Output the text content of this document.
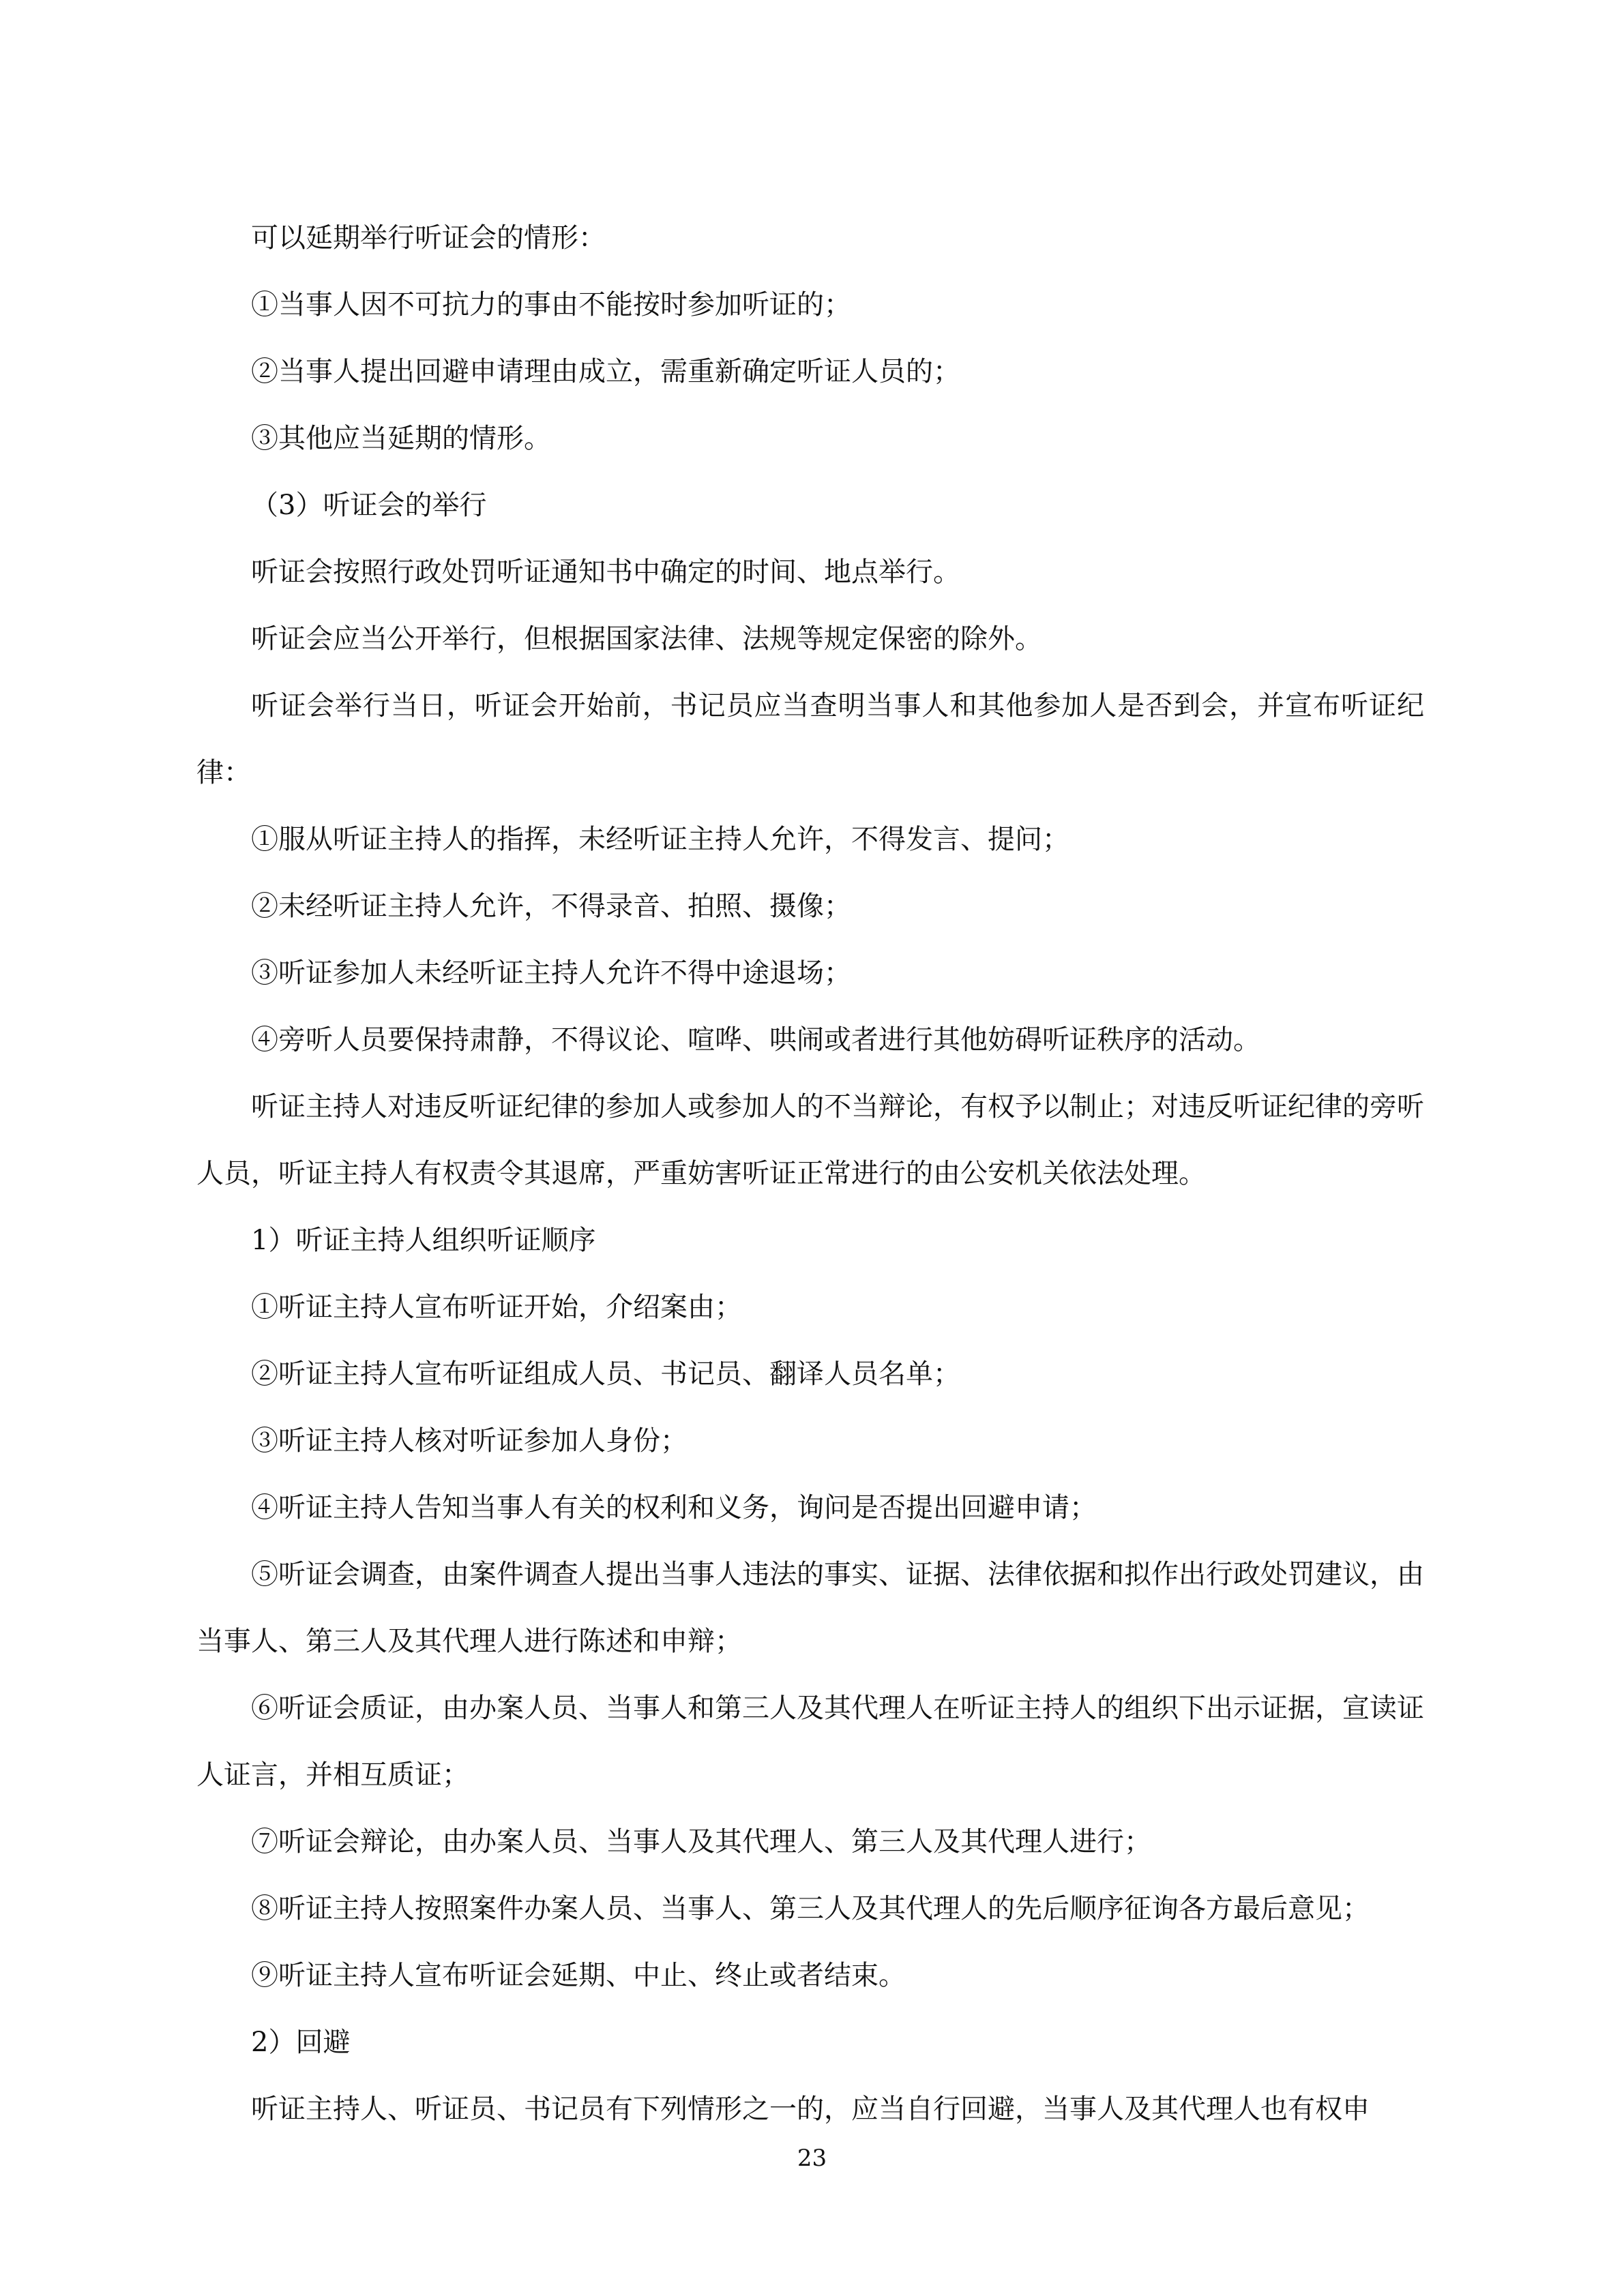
可以延期举行听证会的情形：

①当事人因不可抗力的事由不能按时参加听证的；

②当事人提出回避申请理由成立，需重新确定听证人员的；

③其他应当延期的情形。

（3）听证会的举行

听证会按照行政处罚听证通知书中确定的时间、地点举行。

听证会应当公开举行，但根据国家法律、法规等规定保密的除外。

听证会举行当日，听证会开始前，书记员应当查明当事人和其他参加人是否到会，并宣布听证纪律：

①服从听证主持人的指挥，未经听证主持人允许，不得发言、提问；

②未经听证主持人允许，不得录音、拍照、摄像；

③听证参加人未经听证主持人允许不得中途退场；

④旁听人员要保持肃静，不得议论、喧哗、哄闹或者进行其他妨碍听证秩序的活动。

听证主持人对违反听证纪律的参加人或参加人的不当辩论，有权予以制止；对违反听证纪律的旁听人员，听证主持人有权责令其退席，严重妨害听证正常进行的由公安机关依法处理。

1）听证主持人组织听证顺序

①听证主持人宣布听证开始，介绍案由；

②听证主持人宣布听证组成人员、书记员、翻译人员名单；

③听证主持人核对听证参加人身份；

④听证主持人告知当事人有关的权利和义务，询问是否提出回避申请；

⑤听证会调查，由案件调查人提出当事人违法的事实、证据、法律依据和拟作出行政处罚建议，由当事人、第三人及其代理人进行陈述和申辩；

⑥听证会质证，由办案人员、当事人和第三人及其代理人在听证主持人的组织下出示证据，宣读证人证言，并相互质证；

⑦听证会辩论，由办案人员、当事人及其代理人、第三人及其代理人进行；

⑧听证主持人按照案件办案人员、当事人、第三人及其代理人的先后顺序征询各方最后意见；

⑨听证主持人宣布听证会延期、中止、终止或者结束。

2）回避

听证主持人、听证员、书记员有下列情形之一的，应当自行回避，当事人及其代理人也有权申

23
